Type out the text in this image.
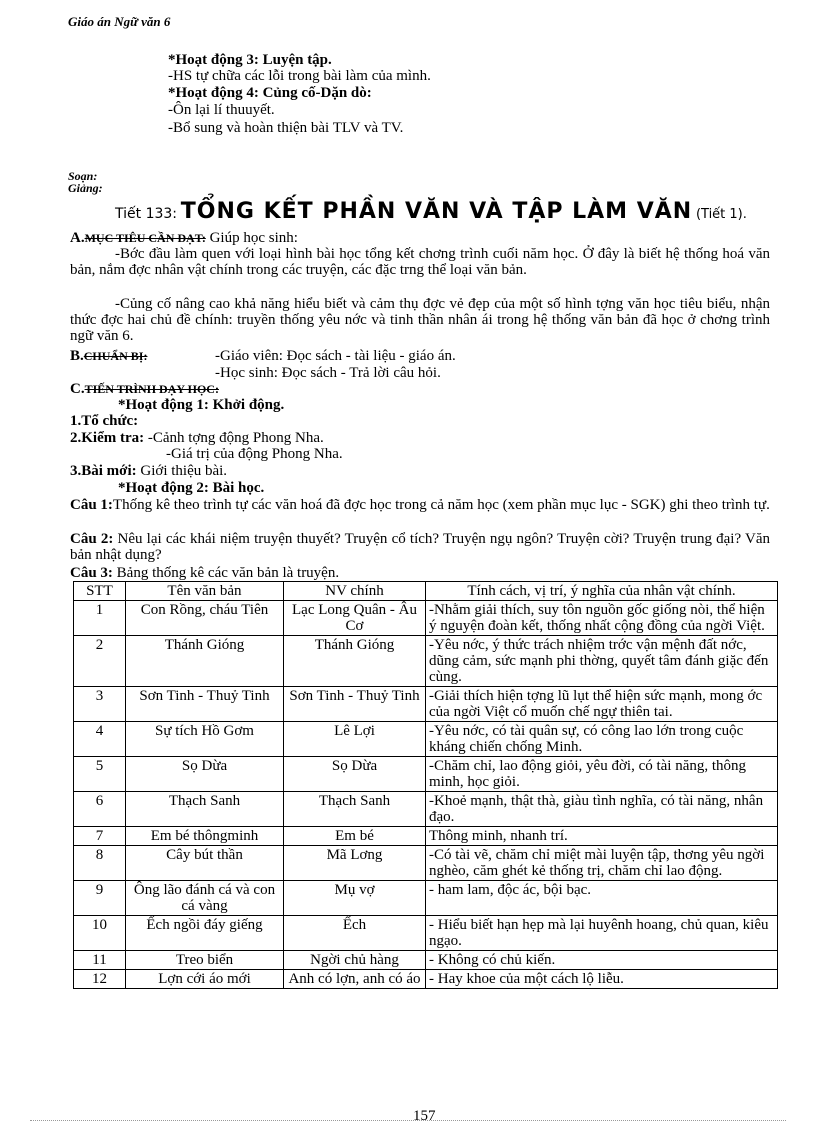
Giáo án Ngữ văn 6
*Hoạt động 3: Luyện tập.
-HS tự chữa các lỗi trong bài làm của mình.
*Hoạt động 4: Củng cố-Dặn dò:
-Ôn lại lí thuuyết.
-Bổ sung và hoàn thiện bài TLV và TV.
Soạn:
Giảng:
Tiết 133: TỔNG KẾT PHẦN VĂN VÀ TẬP LÀM VĂN (Tiết 1).
A.MỤC TIÊU CẦN ĐẠT: Giúp học sinh:
-Bớc đầu làm quen với loại hình bài học tổng kết chơng trình cuối năm học. Ở đây là biết hệ thống hoá văn bản, nắm đợc nhân vật chính trong các truyện, các đặc trng thể loại văn bản.
-Củng cố nâng cao khả năng hiểu biết và cảm thụ đợc vẻ đẹp của một số hình tợng văn học tiêu biểu, nhận thức đợc hai chủ đề chính: truyền thống yêu nớc và tinh thần nhân ái trong hệ thống văn bản đã học ở chơng trình ngữ văn 6.
B.CHUẨN BỊ:	-Giáo viên: Đọc sách - tài liệu - giáo án.
-Học sinh: Đọc sách - Trả lời câu hỏi.
C.TIẾN TRÌNH DẠY HỌC:
*Hoạt động 1: Khởi động.
1.Tổ chức:
2.Kiểm tra: -Cảnh tợng động Phong Nha.
-Giá trị của động Phong Nha.
3.Bài mới: Giới thiệu bài.
*Hoạt động 2: Bài học.
Câu 1:Thống kê theo trình tự các văn hoá đã đợc học trong cả năm học (xem phần mục lục - SGK) ghi theo trình tự.
Câu 2: Nêu lại các khái niệm truyện thuyết? Truyện cổ tích? Truyện ngụ ngôn? Truyện cời? Truyện trung đại? Văn bản nhật dụng?
Câu 3: Bảng thống kê các văn bản là truyện.
STT	Tên văn bản	NV chính	Tính cách, vị trí, ý nghĩa của nhân vật chính.
1	Con Rồng, cháu Tiên	Lạc Long Quân - Âu Cơ	-Nhằm giải thích, suy tôn nguồn gốc giống nòi, thể hiện ý nguyện đoàn kết, thống nhất cộng đồng của ngời Việt.
2	Thánh Gióng	Thánh Gióng	-Yêu nớc, ý thức trách nhiệm trớc vận mệnh đất nớc, dũng cảm, sức mạnh phi thờng, quyết tâm đánh giặc đến cùng.
3	Sơn Tinh - Thuỷ Tinh	Sơn Tinh - Thuỷ Tinh	-Giải thích hiện tợng lũ lụt thể hiện sức mạnh, mong ớc của ngời Việt cổ muốn chế ngự thiên tai.
4	Sự tích Hồ Gơm	Lê Lợi	-Yêu nớc, có tài quân sự, có công lao lớn trong cuộc kháng chiến chống Minh.
5	Sọ Dừa	Sọ Dừa	-Chăm chỉ, lao động giỏi, yêu đời, có tài năng, thông minh, học giỏi.
6	Thạch Sanh	Thạch Sanh	-Khoẻ mạnh, thật thà, giàu tình nghĩa, có tài năng, nhân đạo.
7	Em bé thôngminh	Em bé	Thông minh, nhanh trí.
8	Cây bút thần	Mã Lơng	-Có tài vẽ, chăm chỉ miệt mài luyện tập, thơng yêu ngời nghèo, căm ghét kẻ thống trị, chăm chỉ lao động.
9	Ông lão đánh cá và con cá vàng	Mụ vợ	- ham lam, độc ác, bội bạc.
10	Ếch ngồi đáy giếng	Ếch	- Hiểu biết hạn hẹp mà lại huyênh hoang, chủ quan, kiêu ngạo.
11	Treo biển	Ngời chủ hàng	- Không có chủ kiến.
12	Lợn cới áo mới	Anh có lợn, anh có áo	- Hay khoe của một cách lộ liễu.
157
